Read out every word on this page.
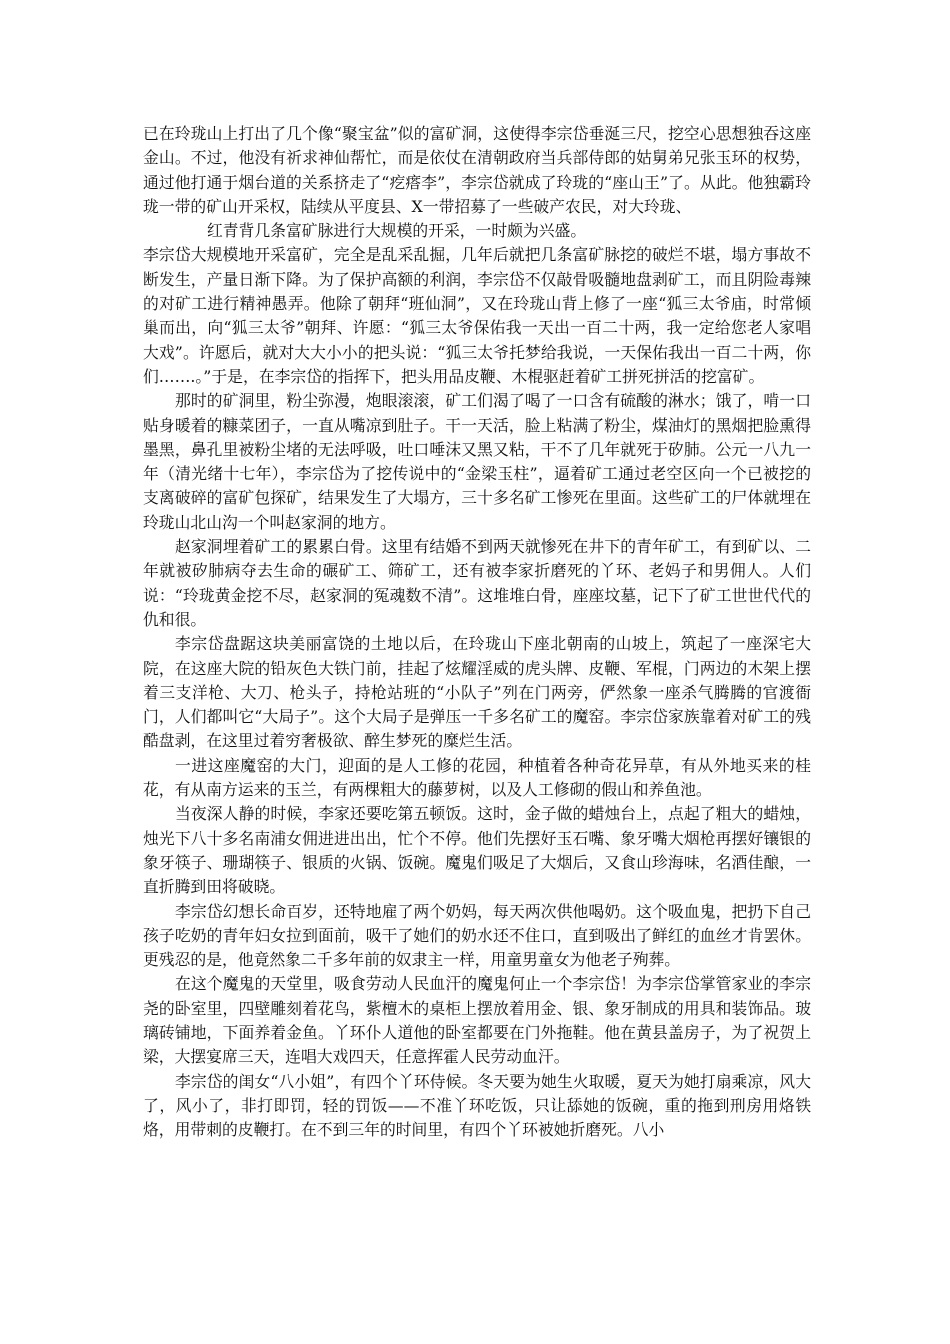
已在玲珑山上打出了几个像“聚宝盆”似的富矿洞，这使得李宗岱垂涎三尺，挖空心思想独吞这座金山。不过，他没有祈求神仙帮忙，而是依仗在清朝政府当兵部侍郎的姑舅弟兄张玉环的权势，通过他打通于烟台道的关系挤走了“疙瘩李”，李宗岱就成了玲珑的“座山王”了。从此。他独霸玲珑一带的矿山开采权，陆续从平度县、X一带招募了一些破产农民，对大玲珑、

红青背几条富矿脉进行大规模的开采，一时颇为兴盛。

李宗岱大规模地开采富矿，完全是乱采乱掘，几年后就把几条富矿脉挖的破烂不堪，塌方事故不断发生，产量日渐下降。为了保护高额的利润，李宗岱不仅敲骨吸髓地盘剥矿工，而且阴险毒辣的对矿工进行精神愚弄。他除了朝拜“班仙洞”，又在玲珑山背上修了一座“狐三太爷庙，时常倾巢而出，向“狐三太爷”朝拜、许愿：“狐三太爷保佑我一天出一百二十两，我一定给您老人家唱大戏”。许愿后，就对大大小小的把头说：“狐三太爷托梦给我说，一天保佑我出一百二十两，你们…….。”于是，在李宗岱的指挥下，把头用品皮鞭、木棍驱赶着矿工拼死拼活的挖富矿。

那时的矿洞里，粉尘弥漫，炮眼滚滚，矿工们渴了喝了一口含有硫酸的淋水；饿了，啃一口贴身暖着的糠菜团子，一直从嘴凉到肚子。干一天活，脸上粘满了粉尘，煤油灯的黑烟把脸熏得墨黑，鼻孔里被粉尘堵的无法呼吸，吐口唾沫又黑又粘，干不了几年就死于矽肺。公元一八九一年（清光绪十七年），李宗岱为了挖传说中的“金梁玉柱”，逼着矿工通过老空区向一个已被挖的支离破碎的富矿包探矿，结果发生了大塌方，三十多名矿工惨死在里面。这些矿工的尸体就埋在玲珑山北山沟一个叫赵家洞的地方。

赵家洞埋着矿工的累累白骨。这里有结婚不到两天就惨死在井下的青年矿工，有到矿以、二年就被矽肺病夺去生命的碾矿工、筛矿工，还有被李家折磨死的丫环、老妈子和男佣人。人们说：“玲珑黄金挖不尽，赵家洞的冤魂数不清”。这堆堆白骨，座座坟墓，记下了矿工世世代代的仇和很。

李宗岱盘踞这块美丽富饶的土地以后，在玲珑山下座北朝南的山坡上，筑起了一座深宅大院，在这座大院的铅灰色大铁门前，挂起了炫耀淫威的虎头牌、皮鞭、军棍，门两边的木架上摆着三支洋枪、大刀、枪头子，持枪站班的“小队子”列在门两旁，俨然象一座杀气腾腾的官渡衙门，人们都叫它“大局子”。这个大局子是弹压一千多名矿工的魔窑。李宗岱家族靠着对矿工的残酷盘剥，在这里过着穷奢极欲、醉生梦死的糜烂生活。

一进这座魔窑的大门，迎面的是人工修的花园，种植着各种奇花异草，有从外地买来的桂花，有从南方运来的玉兰，有两棵粗大的藤萝树，以及人工修砌的假山和养鱼池。

当夜深人静的时候，李家还要吃第五顿饭。这时，金子做的蜡烛台上，点起了粗大的蜡烛，烛光下八十多名南浦女佣进进出出，忙个不停。他们先摆好玉石嘴、象牙嘴大烟枪再摆好镶银的象牙筷子、珊瑚筷子、银质的火锅、饭碗。魔鬼们吸足了大烟后，又食山珍海味，名酒佳酿，一直折腾到田将破晓。

李宗岱幻想长命百岁，还特地雇了两个奶妈，每天两次供他喝奶。这个吸血鬼，把扔下自己孩子吃奶的青年妇女拉到面前，吸干了她们的奶水还不住口，直到吸出了鲜红的血丝才肯罢休。更残忍的是，他竟然象二千多年前的奴隶主一样，用童男童女为他老子殉葬。

在这个魔鬼的天堂里，吸食劳动人民血汗的魔鬼何止一个李宗岱！为李宗岱掌管家业的李宗尧的卧室里，四壁雕刻着花鸟，紫檀木的桌柜上摆放着用金、银、象牙制成的用具和装饰品。玻璃砖铺地，下面养着金鱼。丫环仆人道他的卧室都要在门外拖鞋。他在黄县盖房子，为了祝贺上梁，大摆宴席三天，连唱大戏四天，任意挥霍人民劳动血汗。

李宗岱的闺女“八小姐”，有四个丫环侍候。冬天要为她生火取暖，夏天为她打扇乘凉，风大了，风小了，非打即罚，轻的罚饭——不准丫环吃饭，只让舔她的饭碗，重的拖到刑房用烙铁烙，用带刺的皮鞭打。在不到三年的时间里，有四个丫环被她折磨死。八小
